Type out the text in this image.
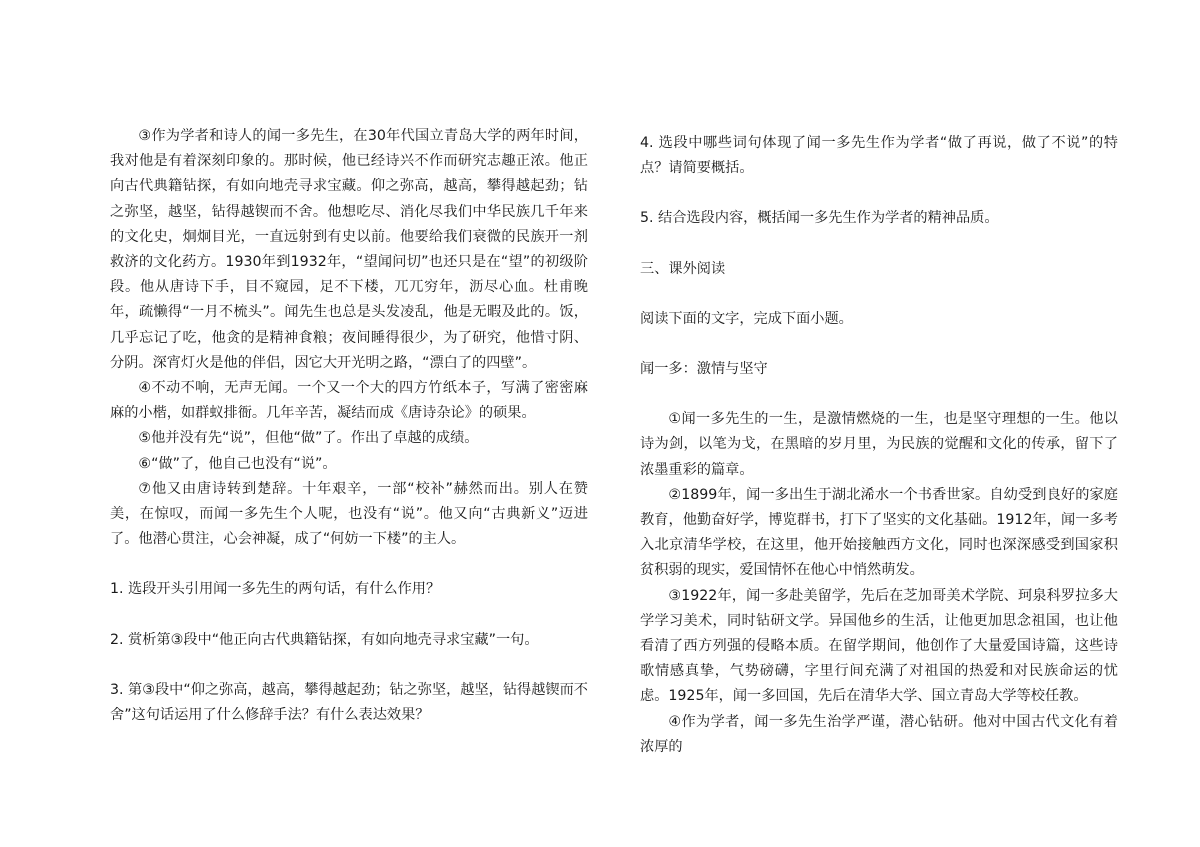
③作为学者和诗人的闻一多先生，在30年代国立青岛大学的两年时间，我对他是有着深刻印象的。那时候，他已经诗兴不作而研究志趣正浓。他正向古代典籍钻探，有如向地壳寻求宝藏。仰之弥高，越高，攀得越起劲；钻之弥坚，越坚，钻得越锲而不舍。他想吃尽、消化尽我们中华民族几千年来的文化史，炯炯目光，一直远射到有史以前。他要给我们衰微的民族开一剂救济的文化药方。1930年到1932年，“望闻问切”也还只是在“望”的初级阶段。他从唐诗下手，目不窥园，足不下楼，兀兀穷年，沥尽心血。杜甫晚年，疏懒得“一月不梳头”。闻先生也总是头发凌乱，他是无暇及此的。饭，几乎忘记了吃，他贪的是精神食粮；夜间睡得很少，为了研究，他惜寸阴、分阴。深宵灯火是他的伴侣，因它大开光明之路，“漂白了的四壁”。

④不动不响，无声无闻。一个又一个大的四方竹纸本子，写满了密密麻麻的小楷，如群蚁排衙。几年辛苦，凝结而成《唐诗杂论》的硕果。

⑤他并没有先“说”，但他“做”了。作出了卓越的成绩。

⑥“做”了，他自己也没有“说”。

⑦他又由唐诗转到楚辞。十年艰辛，一部“校补”赫然而出。别人在赞美，在惊叹，而闻一多先生个人呢，也没有“说”。他又向“古典新义”迈进了。他潜心贯注，心会神凝，成了“何妨一下楼”的主人。

1. 选段开头引用闻一多先生的两句话，有什么作用？

2. 赏析第③段中“他正向古代典籍钻探，有如向地壳寻求宝藏”一句。

3. 第③段中“仰之弥高，越高，攀得越起劲；钻之弥坚，越坚，钻得越锲而不舍”这句话运用了什么修辞手法？有什么表达效果？

4. 选段中哪些词句体现了闻一多先生作为学者“做了再说，做了不说”的特点？请简要概括。

5. 结合选段内容，概括闻一多先生作为学者的精神品质。

三、课外阅读

阅读下面的文字，完成下面小题。

闻一多：激情与坚守

①闻一多先生的一生，是激情燃烧的一生，也是坚守理想的一生。他以诗为剑，以笔为戈，在黑暗的岁月里，为民族的觉醒和文化的传承，留下了浓墨重彩的篇章。

②1899年，闻一多出生于湖北浠水一个书香世家。自幼受到良好的家庭教育，他勤奋好学，博览群书，打下了坚实的文化基础。1912年，闻一多考入北京清华学校，在这里，他开始接触西方文化，同时也深深感受到国家积贫积弱的现实，爱国情怀在他心中悄然萌发。

③1922年，闻一多赴美留学，先后在芝加哥美术学院、珂泉科罗拉多大学学习美术，同时钻研文学。异国他乡的生活，让他更加思念祖国，也让他看清了西方列强的侵略本质。在留学期间，他创作了大量爱国诗篇，这些诗歌情感真挚，气势磅礴，字里行间充满了对祖国的热爱和对民族命运的忧虑。1925年，闻一多回国，先后在清华大学、国立青岛大学等校任教。

④作为学者，闻一多先生治学严谨，潜心钻研。他对中国古代文化有着浓厚的
